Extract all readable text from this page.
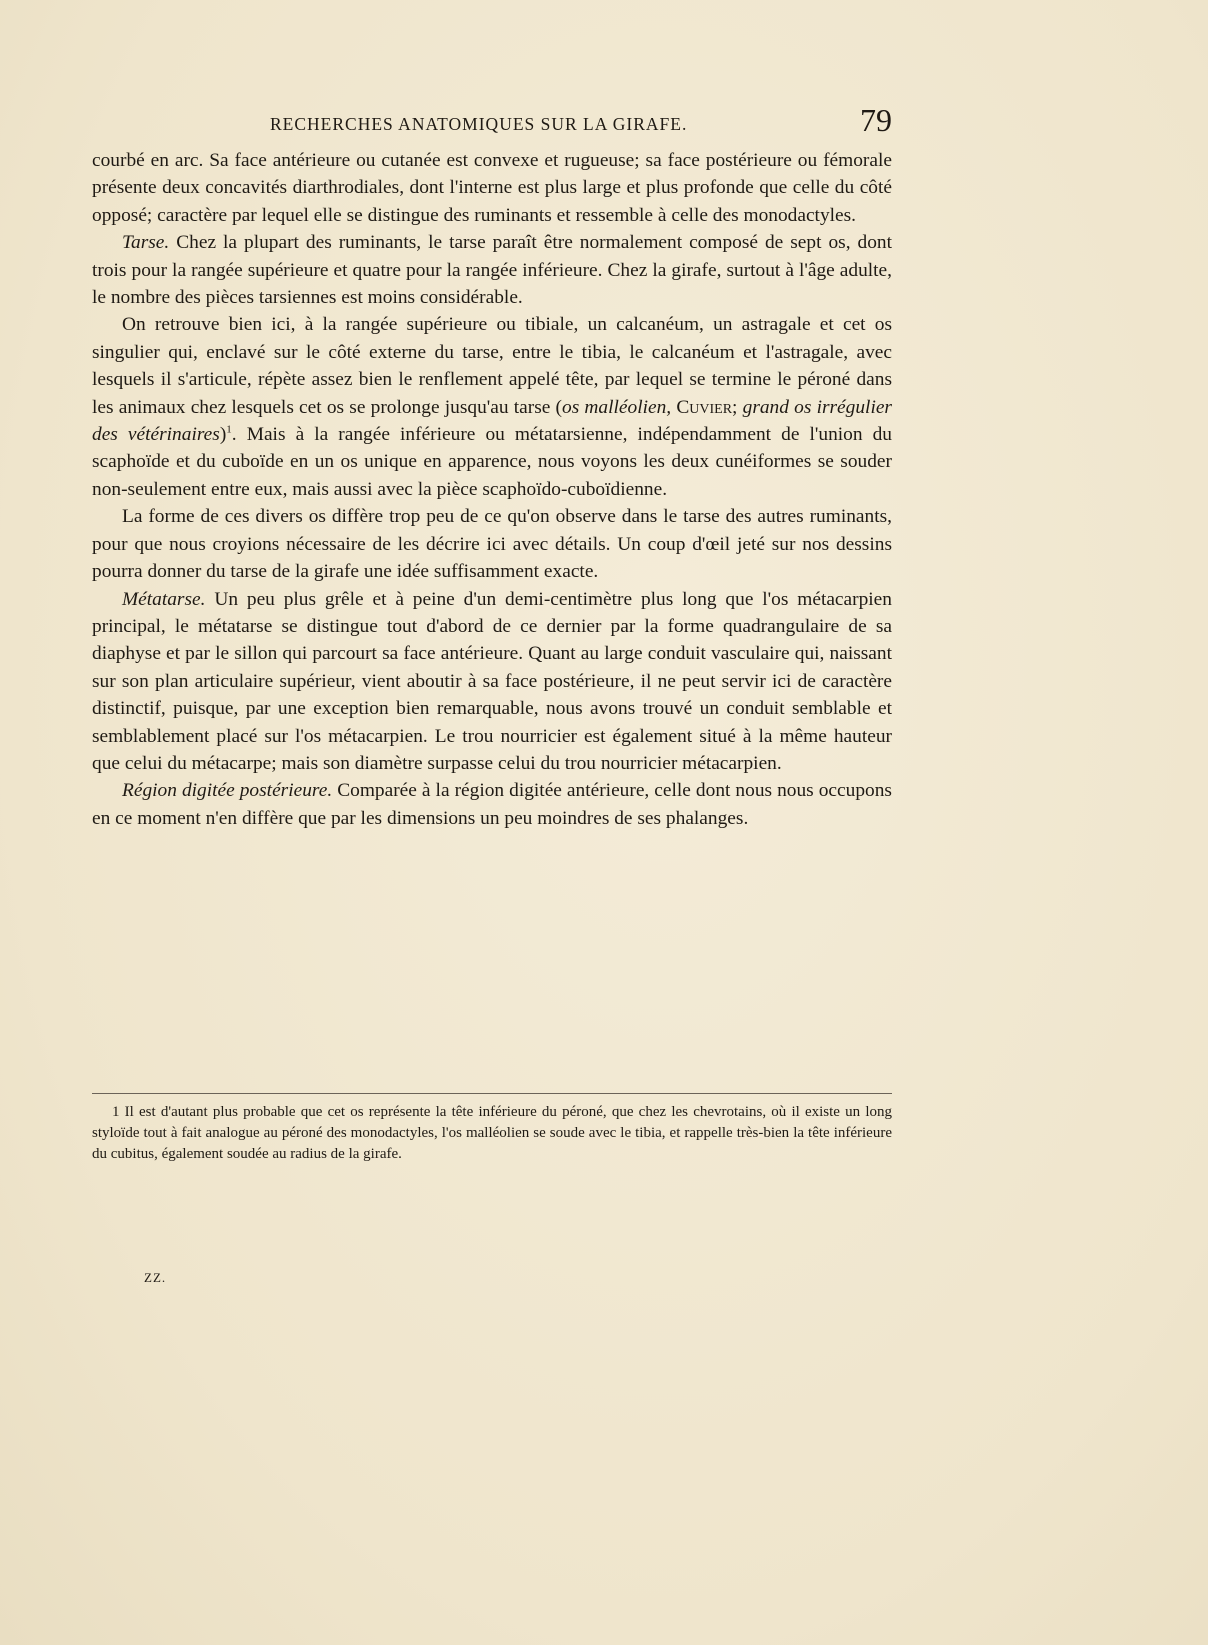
RECHERCHES ANATOMIQUES SUR LA GIRAFE.	79

courbé en arc. Sa face antérieure ou cutanée est convexe et rugueuse; sa face postérieure ou fémorale présente deux concavités diarthrodiales, dont l'interne est plus large et plus profonde que celle du côté opposé; caractère par lequel elle se distingue des ruminants et ressemble à celle des monodactyles.

Tarse. Chez la plupart des ruminants, le tarse paraît être normalement composé de sept os, dont trois pour la rangée supérieure et quatre pour la rangée inférieure. Chez la girafe, surtout à l'âge adulte, le nombre des pièces tarsiennes est moins considérable.

On retrouve bien ici, à la rangée supérieure ou tibiale, un calcanéum, un astragale et cet os singulier qui, enclavé sur le côté externe du tarse, entre le tibia, le calcanéum et l'astragale, avec lesquels il s'articule, répète assez bien le renflement appelé tête, par lequel se termine le péroné dans les animaux chez lesquels cet os se prolonge jusqu'au tarse (os malléolien, Cuvier; grand os irrégulier des vétérinaires)$^1$. Mais à la rangée inférieure ou métatarsienne, indépendamment de l'union du scaphoïde et du cuboïde en un os unique en apparence, nous voyons les deux cunéiformes se souder non-seulement entre eux, mais aussi avec la pièce scaphoïdo-cuboïdienne.

La forme de ces divers os diffère trop peu de ce qu'on observe dans le tarse des autres ruminants, pour que nous croyions nécessaire de les décrire ici avec détails. Un coup d'œil jeté sur nos dessins pourra donner du tarse de la girafe une idée suffisamment exacte.

Métatarse. Un peu plus grêle et à peine d'un demi-centimètre plus long que l'os métacarpien principal, le métatarse se distingue tout d'abord de ce dernier par la forme quadrangulaire de sa diaphyse et par le sillon qui parcourt sa face antérieure. Quant au large conduit vasculaire qui, naissant sur son plan articulaire supérieur, vient aboutir à sa face postérieure, il ne peut servir ici de caractère distinctif, puisque, par une exception bien remarquable, nous avons trouvé un conduit semblable et semblablement placé sur l'os métacarpien. Le trou nourricier est également situé à la même hauteur que celui du métacarpe; mais son diamètre surpasse celui du trou nourricier métacarpien.

Région digitée postérieure. Comparée à la région digitée antérieure, celle dont nous nous occupons en ce moment n'en diffère que par les dimensions un peu moindres de ses phalanges.

1 Il est d'autant plus probable que cet os représente la tête inférieure du péroné, que chez les chevrotains, où il existe un long styloïde tout à fait analogue au péroné des monodactyles, l'os malléolien se soude avec le tibia, et rappelle très-bien la tête inférieure du cubitus, également soudée au radius de la girafe.

ZZ.
